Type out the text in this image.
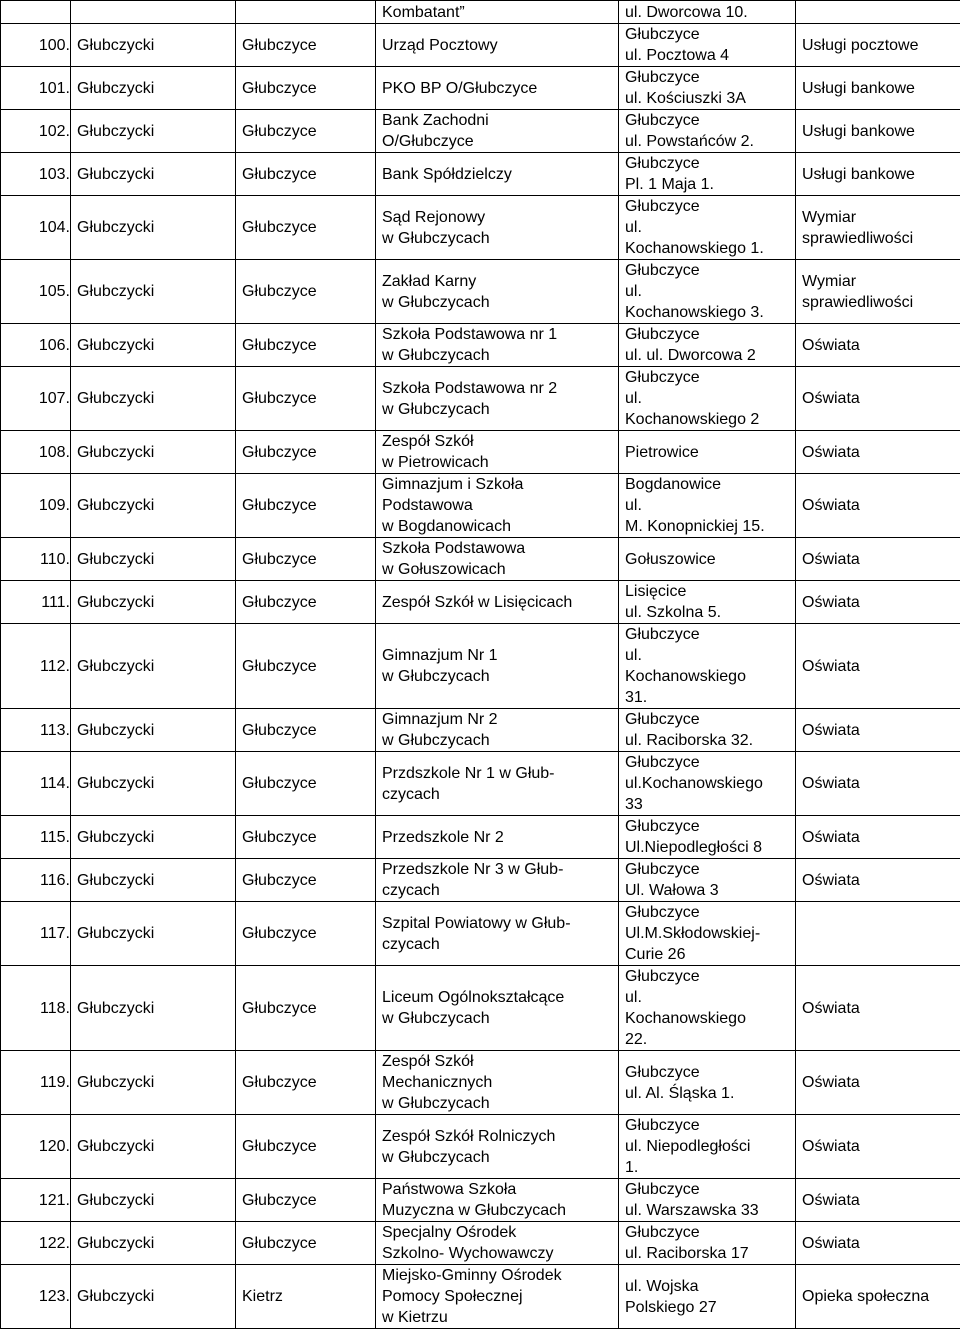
			Kombatant”	ul. Dworcowa 10.	
100.	Głubczycki	Głubczyce	Urząd Pocztowy	Głubczyce
ul. Pocztowa 4	Usługi pocztowe
101.	Głubczycki	Głubczyce	PKO BP O/Głubczyce	Głubczyce
ul. Kościuszki 3A	Usługi bankowe
102.	Głubczycki	Głubczyce	Bank Zachodni
O/Głubczyce	Głubczyce
ul. Powstańców 2.	Usługi bankowe
103.	Głubczycki	Głubczyce	Bank Spółdzielczy	Głubczyce
Pl. 1 Maja 1.	Usługi bankowe
104.	Głubczycki	Głubczyce	Sąd Rejonowy
w Głubczycach	Głubczyce
ul.
Kochanowskiego 1.	Wymiar
sprawiedliwości
105.	Głubczycki	Głubczyce	Zakład Karny
w Głubczycach	Głubczyce
ul.
Kochanowskiego 3.	Wymiar
sprawiedliwości
106.	Głubczycki	Głubczyce	Szkoła Podstawowa nr 1
w Głubczycach	Głubczyce
ul. ul. Dworcowa 2	Oświata
107.	Głubczycki	Głubczyce	Szkoła Podstawowa nr 2
w Głubczycach	Głubczyce
ul.
Kochanowskiego 2	Oświata
108.	Głubczycki	Głubczyce	Zespół Szkół
w Pietrowicach	Pietrowice	Oświata
109.	Głubczycki	Głubczyce	Gimnazjum i Szkoła
Podstawowa
w Bogdanowicach	Bogdanowice
ul.
M. Konopnickiej 15.	Oświata
110.	Głubczycki	Głubczyce	Szkoła Podstawowa
w Gołuszowicach	Gołuszowice	Oświata
111.	Głubczycki	Głubczyce	Zespół Szkół w Lisięcicach	Lisięcice
ul. Szkolna 5.	Oświata
112.	Głubczycki	Głubczyce	Gimnazjum Nr 1
w Głubczycach	Głubczyce
ul.
Kochanowskiego
31.	Oświata
113.	Głubczycki	Głubczyce	Gimnazjum Nr 2
w Głubczycach	Głubczyce
ul. Raciborska 32.	Oświata
114.	Głubczycki	Głubczyce	Przdszkole Nr 1 w Głub-
czycach	Głubczyce
ul.Kochanowskiego
33	Oświata
115.	Głubczycki	Głubczyce	Przedszkole Nr 2	Głubczyce
Ul.Niepodległości 8	Oświata
116.	Głubczycki	Głubczyce	Przedszkole Nr 3 w Głub-
czycach	Głubczyce
Ul. Wałowa 3	Oświata
117.	Głubczycki	Głubczyce	Szpital Powiatowy w Głub-
czycach	Głubczyce
Ul.M.Skłodowskiej-
Curie 26	
118.	Głubczycki	Głubczyce	Liceum Ogólnokształcące
w Głubczycach	Głubczyce
ul.
Kochanowskiego
22.	Oświata
119.	Głubczycki	Głubczyce	Zespół Szkół
Mechanicznych
w Głubczycach	Głubczyce
ul. Al. Śląska 1.	Oświata
120.	Głubczycki	Głubczyce	Zespół Szkół Rolniczych
w Głubczycach	Głubczyce
ul. Niepodległości
1.	Oświata
121.	Głubczycki	Głubczyce	Państwowa Szkoła
Muzyczna w Głubczycach	Głubczyce
ul. Warszawska 33	Oświata
122.	Głubczycki	Głubczyce	Specjalny Ośrodek
Szkolno- Wychowawczy	Głubczyce
ul. Raciborska 17	Oświata
123.	Głubczycki	Kietrz	Miejsko-Gminny Ośrodek
Pomocy Społecznej
w Kietrzu	ul. Wojska
Polskiego 27	Opieka społeczna
